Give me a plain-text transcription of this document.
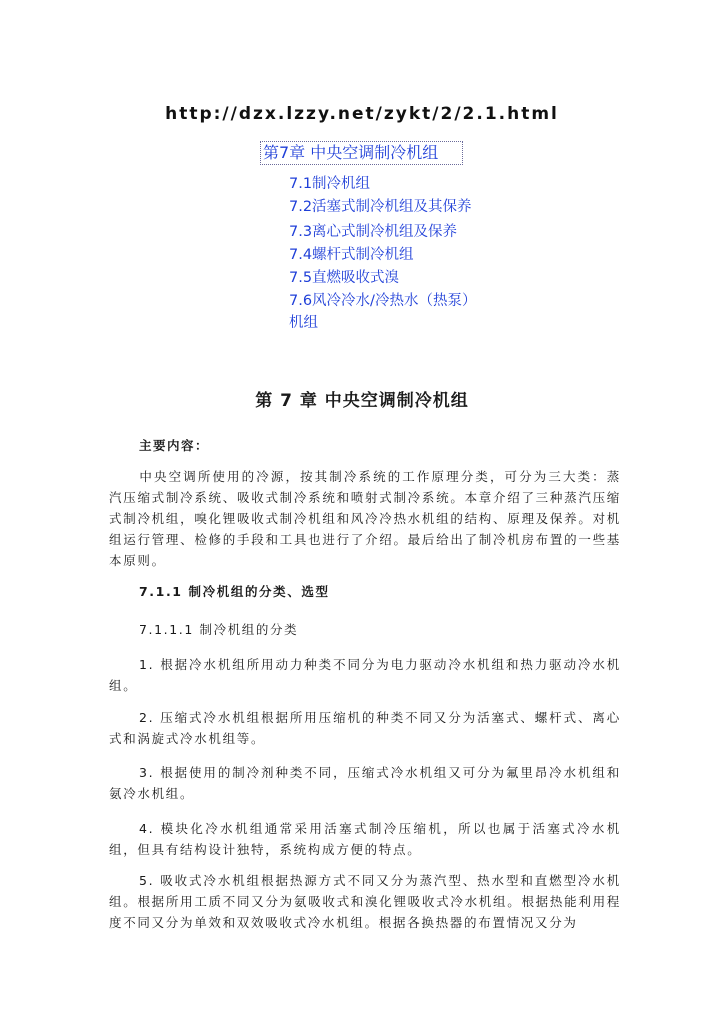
http://dzx.lzzy.net/zykt/2/2.1.html
第7章 中央空调制冷机组
7.1制冷机组
7.2活塞式制冷机组及其保养
7.3离心式制冷机组及保养
7.4螺杆式制冷机组
7.5直燃吸收式溴
7.6风冷冷水/冷热水（热泵）机组
第 7 章 中央空调制冷机组
主要内容：

中央空调所使用的冷源，按其制冷系统的工作原理分类，可分为三大类：蒸汽压缩式制冷系统、吸收式制冷系统和喷射式制冷系统。本章介绍了三种蒸汽压缩式制冷机组，嗅化锂吸收式制冷机组和风冷冷热水机组的结构、原理及保养。对机组运行管理、检修的手段和工具也进行了介绍。最后给出了制冷机房布置的一些基本原则。

7.1.1 制冷机组的分类、选型
7.1.1.1 制冷机组的分类

1. 根据冷水机组所用动力种类不同分为电力驱动冷水机组和热力驱动冷水机组。

2. 压缩式冷水机组根据所用压缩机的种类不同又分为活塞式、螺杆式、离心式和涡旋式冷水机组等。

3. 根据使用的制冷剂种类不同，压缩式冷水机组又可分为氟里昂冷水机组和氨冷水机组。

4. 模块化冷水机组通常采用活塞式制冷压缩机，所以也属于活塞式冷水机组，但具有结构设计独特，系统构成方便的特点。

5. 吸收式冷水机组根据热源方式不同又分为蒸汽型、热水型和直燃型冷水机组。根据所用工质不同又分为氨吸收式和溴化锂吸收式冷水机组。根据热能利用程度不同又分为单效和双效吸收式冷水机组。根据各换热器的布置情况又分为
